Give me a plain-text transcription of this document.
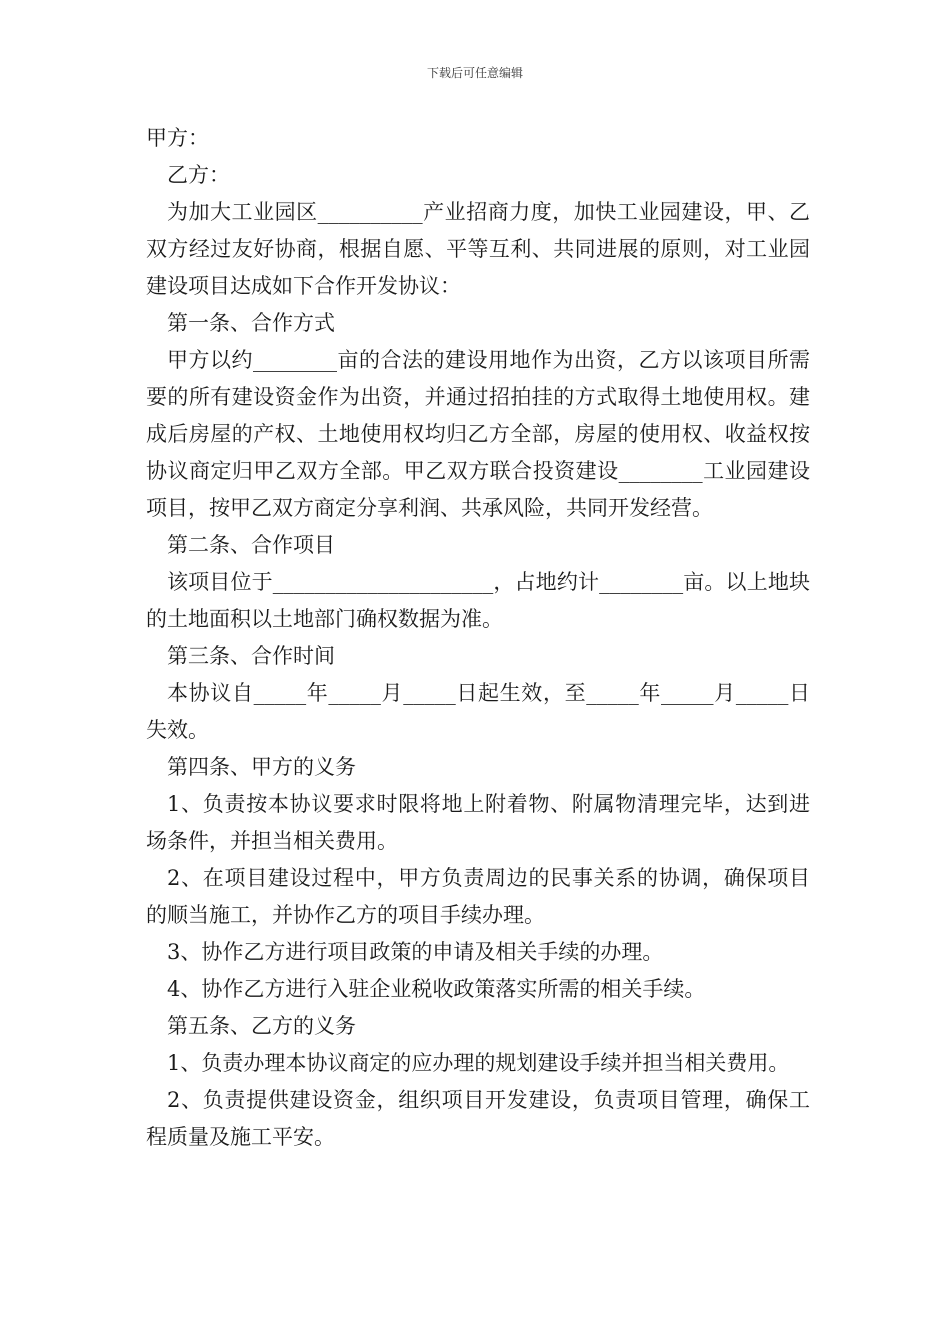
下载后可任意编辑

甲方：

乙方：

为加大工业园区__________产业招商力度，加快工业园建设，甲、乙双方经过友好协商，根据自愿、平等互利、共同进展的原则，对工业园建设项目达成如下合作开发协议：

第一条、合作方式

甲方以约________亩的合法的建设用地作为出资，乙方以该项目所需要的所有建设资金作为出资，并通过招拍挂的方式取得土地使用权。建成后房屋的产权、土地使用权均归乙方全部，房屋的使用权、收益权按协议商定归甲乙双方全部。甲乙双方联合投资建设________工业园建设项目，按甲乙双方商定分享利润、共承风险，共同开发经营。

第二条、合作项目

该项目位于_____________________，占地约计________亩。以上地块的土地面积以土地部门确权数据为准。

第三条、合作时间

本协议自_____年_____月_____日起生效，至_____年_____月_____日失效。

第四条、甲方的义务

1、负责按本协议要求时限将地上附着物、附属物清理完毕，达到进场条件，并担当相关费用。

2、在项目建设过程中，甲方负责周边的民事关系的协调，确保项目的顺当施工，并协作乙方的项目手续办理。

3、协作乙方进行项目政策的申请及相关手续的办理。

4、协作乙方进行入驻企业税收政策落实所需的相关手续。

第五条、乙方的义务

1、负责办理本协议商定的应办理的规划建设手续并担当相关费用。

2、负责提供建设资金，组织项目开发建设，负责项目管理，确保工程质量及施工平安。
